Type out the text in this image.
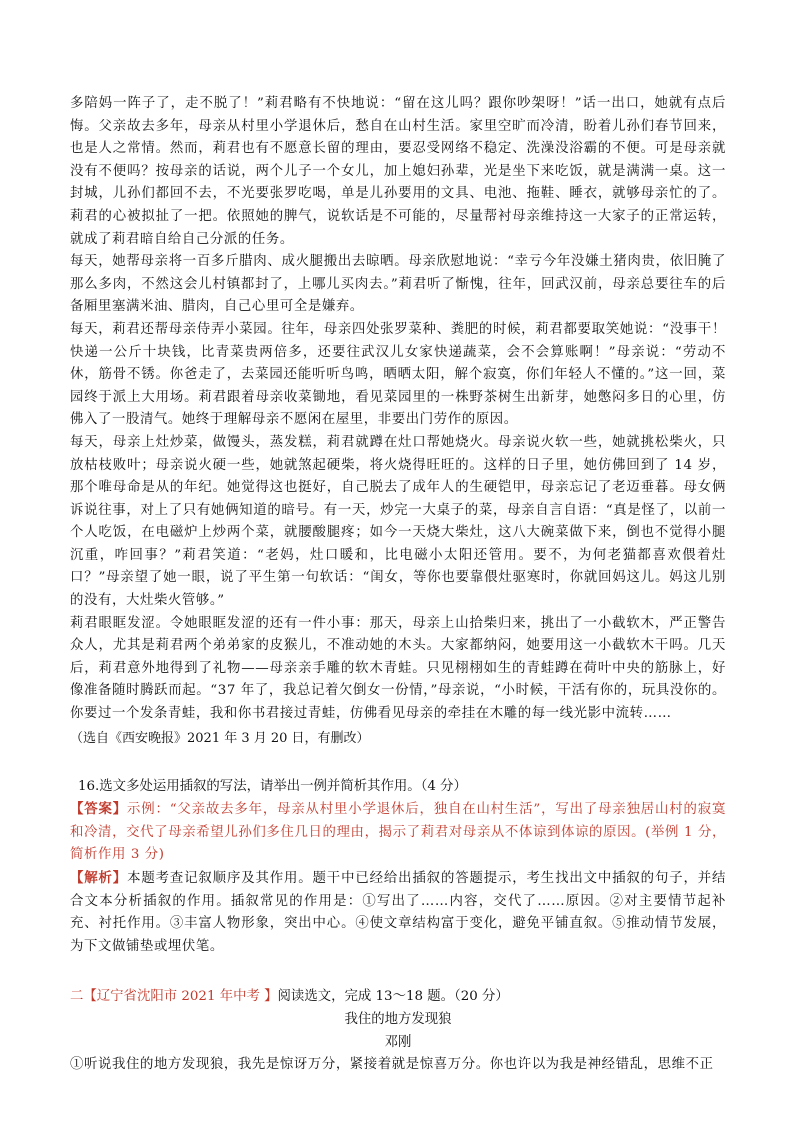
多陪妈一阵子了，走不脱了！”莉君略有不快地说：“留在这儿吗？跟你吵架呀！”话一出口，她就有点后悔。父亲故去多年，母亲从村里小学退休后，愁自在山村生活。家里空旷而冷清，盼着儿孙们春节回来，也是人之常情。然而，莉君也有不愿意长留的理由，要忍受网络不稳定、洗澡没浴霸的不便。可是母亲就没有不便吗？按母亲的话说，两个儿子一个女儿，加上媳妇孙辈，光是坐下来吃饭，就是满满一桌。这一封城，儿孙们都回不去，不光要张罗吃喝，单是儿孙要用的文具、电池、拖鞋、睡衣，就够母亲忙的了。莉君的心被拟扯了一把。依照她的脾气，说软话是不可能的，尽量帮衬母亲维持这一大家子的正常运转，就成了莉君暗自给自己分派的任务。

每天，她帮母亲将一百多斤腊肉、成火腿搬出去晾晒。母亲欣慰地说：“幸亏今年没嫌土猪肉贵，依旧腌了那么多肉，不然这会儿村镇都封了，上哪儿买肉去。”莉君听了惭愧，往年，回武汉前，母亲总要往车的后备厢里塞满米油、腊肉，自己心里可全是嫌弃。

每天，莉君还帮母亲侍弄小菜园。往年，母亲四处张罗菜种、粪肥的时候，莉君都要取笑她说：“没事干！快递一公斤十块钱，比青菜贵两倍多，还要往武汉儿女家快递蔬菜，会不会算账啊！”母亲说：“劳动不休，筋骨不锈。你爸走了，去菜园还能听听鸟鸣，晒晒太阳，解个寂寞，你们年轻人不懂的。”这一回，菜园终于派上大用场。莉君跟着母亲收菜锄地，看见菜园里的一株野茶树生出新芽，她憋闷多日的心里，仿佛入了一股清气。她终于理解母亲不愿闲在屋里，非要出门劳作的原因。

每天，母亲上灶炒菜，做馒头，蒸发糕，莉君就蹲在灶口帮她烧火。母亲说火软一些，她就挑松柴火，只放枯枝败叶；母亲说火硬一些，她就煞起硬柴，将火烧得旺旺的。这样的日子里，她仿佛回到了 14 岁，那个唯母命是从的年纪。她觉得这也挺好，自己脱去了成年人的生硬铠甲，母亲忘记了老迈垂暮。母女俩诉说往事，对上了只有她俩知道的暗号。有一天，炒完一大桌子的菜，母亲自言自语：“真是怪了，以前一个人吃饭，在电磁炉上炒两个菜，就腰酸腿疼；如今一天烧大柴灶，这八大碗菜做下来，倒也不觉得小腿沉重，咋回事？”莉君笑道：“老妈，灶口暖和，比电磁小太阳还管用。要不，为何老猫都喜欢偎着灶口？”母亲望了她一眼，说了平生第一句软话：“闺女，等你也要靠偎灶驱寒时，你就回妈这儿。妈这儿别的没有，大灶柴火管够。”

莉君眼眶发涩。令她眼眶发涩的还有一件小事：那天，母亲上山拾柴归来，挑出了一小截软木，严正警告众人，尤其是莉君两个弟弟家的皮猴儿，不准动她的木头。大家都纳闷，她要用这一小截软木干吗。几天后，莉君意外地得到了礼物——母亲亲手雕的软木青蛙。只见栩栩如生的青蛙蹲在荷叶中央的筋脉上，好像准备随时腾跃而起。“37 年了，我总记着欠倒女一份情，”母亲说，“小时候，干活有你的，玩具没你的。你要过一个发条青蛙，我和你书君接过青蛙，仿佛看见母亲的牵挂在木雕的每一线光影中流转……

（选自《西安晚报》2021 年 3 月 20 日，有删改）

16.选文多处运用插叙的写法，请举出一例并简析其作用。（4 分）

【答案】示例：“父亲故去多年，母亲从村里小学退休后，独自在山村生活”，写出了母亲独居山村的寂寞和冷清，交代了母亲希望儿孙们多住几日的理由，揭示了莉君对母亲从不体谅到体谅的原因。(举例 1 分，简析作用 3 分)

【解析】本题考查记叙顺序及其作用。题干中已经给出插叙的答题提示，考生找出文中插叙的句子，并结合文本分析插叙的作用。插叙常见的作用是：①写出了……内容，交代了……原因。②对主要情节起补充、衬托作用。③丰富人物形象，突出中心。④使文章结构富于变化，避免平铺直叙。⑤推动情节发展，为下文做铺垫或埋伏笔。

二【辽宁省沈阳市 2021 年中考 】阅读选文，完成 13～18 题。（20 分）

我住的地方发现狼

邓刚

①听说我住的地方发现狼，我先是惊讶万分，紧接着就是惊喜万分。你也许以为我是神经错乱，思维不正
